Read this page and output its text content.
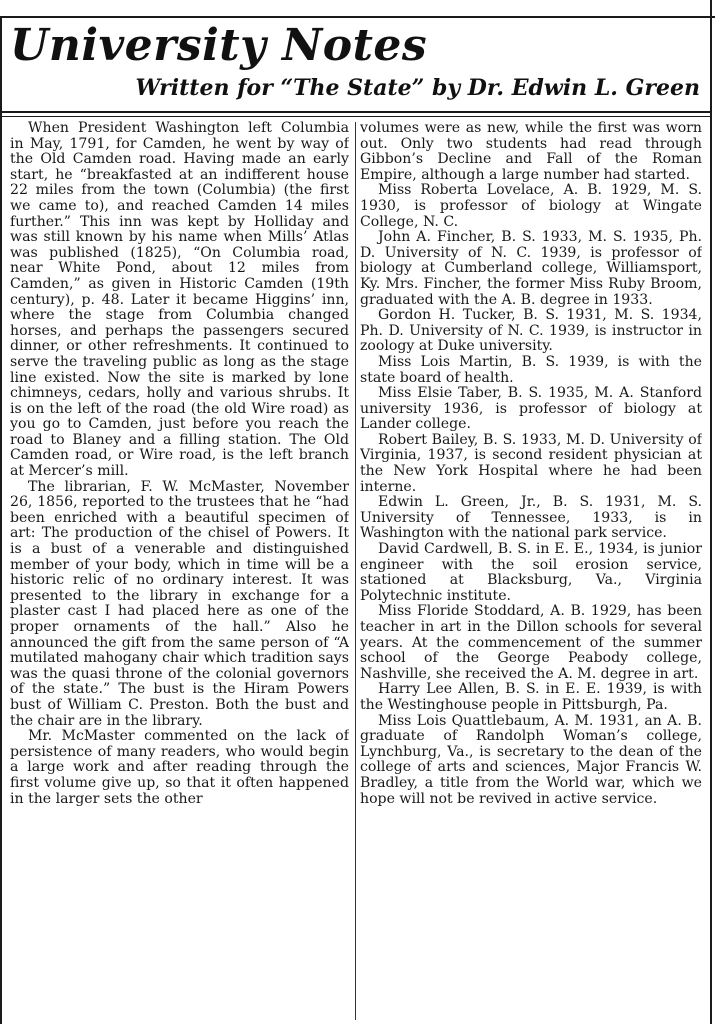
University Notes
Written for “The State” by Dr. Edwin L. Green

When President Washington left Columbia in May, 1791, for Camden, he went by way of the Old Camden road. Having made an early start, he “breakfasted at an indifferent house 22 miles from the town (Columbia) (the first we came to), and reached Camden 14 miles further.” This inn was kept by Holliday and was still known by his name when Mills’ Atlas was published (1825), “On Columbia road, near White Pond, about 12 miles from Camden,” as given in Historic Camden (19th century), p. 48. Later it became Higgins’ inn, where the stage from Columbia changed horses, and perhaps the passengers secured dinner, or other refreshments. It continued to serve the traveling public as long as the stage line existed. Now the site is marked by lone chimneys, cedars, holly and various shrubs. It is on the left of the road (the old Wire road) as you go to Camden, just before you reach the road to Blaney and a filling station. The Old Camden road, or Wire road, is the left branch at Mercer’s mill.

The librarian, F. W. McMaster, November 26, 1856, reported to the trustees that he “had been enriched with a beautiful specimen of art: The production of the chisel of Powers. It is a bust of a venerable and distinguished member of your body, which in time will be a historic relic of no ordinary interest. It was presented to the library in exchange for a plaster cast I had placed here as one of the proper ornaments of the hall.” Also he announced the gift from the same person of “A mutilated mahogany chair which tradition says was the quasi throne of the colonial governors of the state.” The bust is the Hiram Powers bust of William C. Preston. Both the bust and the chair are in the library.

Mr. McMaster commented on the lack of persistence of many readers, who would begin a large work and after reading through the first volume give up, so that it often happened in the larger sets the other

volumes were as new, while the first was worn out. Only two students had read through Gibbon’s Decline and Fall of the Roman Empire, although a large number had started.

Miss Roberta Lovelace, A. B. 1929, M. S. 1930, is professor of biology at Wingate College, N. C.

John A. Fincher, B. S. 1933, M. S. 1935, Ph. D. University of N. C. 1939, is professor of biology at Cumberland college, Williamsport, Ky. Mrs. Fincher, the former Miss Ruby Broom, graduated with the A. B. degree in 1933.

Gordon H. Tucker, B. S. 1931, M. S. 1934, Ph. D. University of N. C. 1939, is instructor in zoology at Duke university.

Miss Lois Martin, B. S. 1939, is with the state board of health.

Miss Elsie Taber, B. S. 1935, M. A. Stanford university 1936, is professor of biology at Lander college.

Robert Bailey, B. S. 1933, M. D. University of Virginia, 1937, is second resident physician at the New York Hospital where he had been interne.

Edwin L. Green, Jr., B. S. 1931, M. S. University of Tennessee, 1933, is in Washington with the national park service.

David Cardwell, B. S. in E. E., 1934, is junior engineer with the soil erosion service, stationed at Blacksburg, Va., Virginia Polytechnic institute.

Miss Floride Stoddard, A. B. 1929, has been teacher in art in the Dillon schools for several years. At the commencement of the summer school of the George Peabody college, Nashville, she received the A. M. degree in art.

Harry Lee Allen, B. S. in E. E. 1939, is with the Westinghouse people in Pittsburgh, Pa.

Miss Lois Quattlebaum, A. M. 1931, an A. B. graduate of Randolph Woman’s college, Lynchburg, Va., is secretary to the dean of the college of arts and sciences, Major Francis W. Bradley, a title from the World war, which we hope will not be revived in active service.
